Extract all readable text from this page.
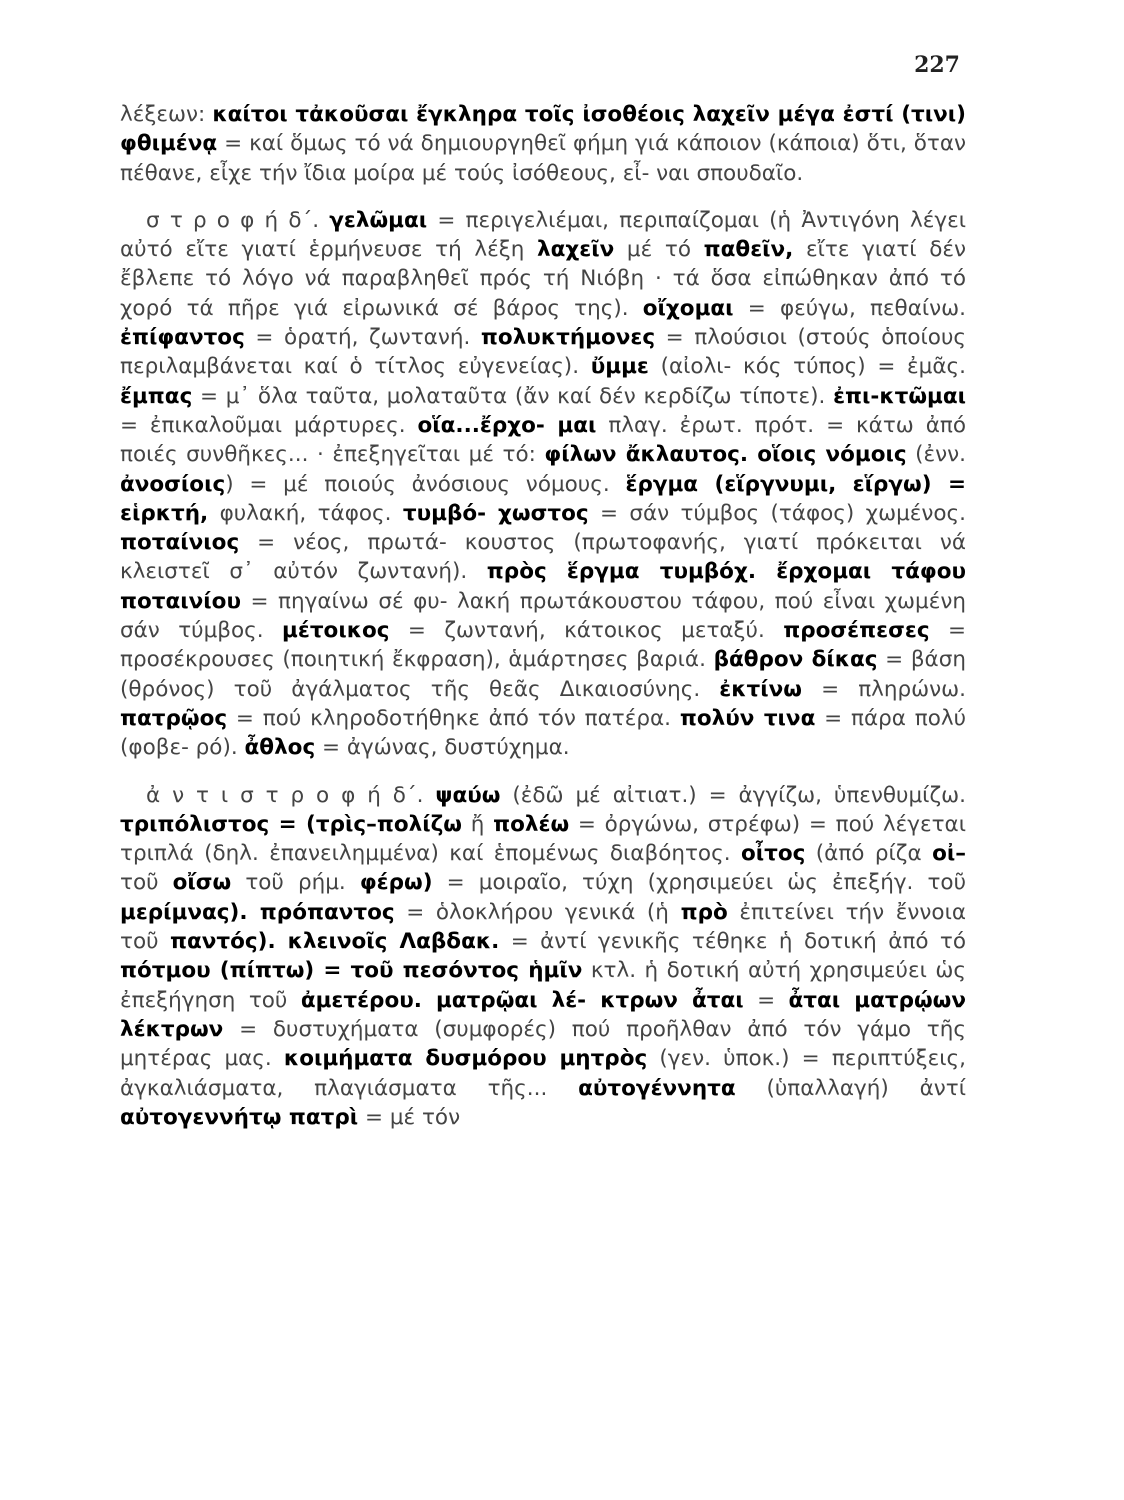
227

λέξεων: καίτοι τἀκοῦσαι ἔγκληρα τοῖς ἰσοθέοις λαχεῖν μέγα ἐστί (τινι) φθιμένᾳ = καί ὅμως τό νά δημιουργηθεῖ φήμη γιά κάποιον (κάποια) ὅτι, ὅταν πέθανε, εἶχε τήν ἴδια μοίρα μέ τούς ἰσόθεους, εἶ- ναι σπουδαῖο.

σ τ ρ ο φ ή δ΄. γελῶμαι = περιγελιέμαι, περιπαίζομαι (ἡ Ἀντιγόνη λέγει αὐτό εἴτε γιατί ἑρμήνευσε τή λέξη λαχεῖν μέ τό παθεῖν, εἴτε γιατί δέν ἔβλεπε τό λόγο νά παραβληθεῖ πρός τή Νιόβη · τά ὅσα εἰπώθηκαν ἀπό τό χορό τά πῆρε γιά εἰρωνικά σέ βάρος της). οἴχομαι = φεύγω, πεθαίνω. ἐπίφαντος = ὁρατή, ζωντανή. πολυκτήμονες = πλούσιοι (στούς ὁποίους περιλαμβάνεται καί ὁ τίτλος εὐγενείας). ὔμμε (αἰολι- κός τύπος) = ἐμᾶς. ἔμπας = μ᾽ ὅλα ταῦτα, μολαταῦτα (ἄν καί δέν κερδίζω τίποτε). ἐπι-κτῶμαι = ἐπικαλοῦμαι μάρτυρες. οἵα...ἔρχο- μαι πλαγ. ἐρωτ. πρότ. = κάτω ἀπό ποιές συνθῆκες... · ἐπεξηγεῖται μέ τό: φίλων ἄκλαυτος. οἵοις νόμοις (ἐνν. ἀνοσίοις) = μέ ποιούς ἀνόσιους νόμους. ἕργμα (εἵργνυμι, εἵργω) = εἱρκτή, φυλακή, τάφος. τυμβό- χωστος = σάν τύμβος (τάφος) χωμένος. ποταίνιος = νέος, πρωτά- κουστος (πρωτοφανής, γιατί πρόκειται νά κλειστεῖ σ᾽ αὐτόν ζωντανή). πρὸς ἕργμα τυμβόχ. ἔρχομαι τάφου ποταινίου = πηγαίνω σέ φυ- λακή πρωτάκουστου τάφου, πού εἶναι χωμένη σάν τύμβος. μέτοικος = ζωντανή, κάτοικος μεταξύ. προσέπεσες = προσέκρουσες (ποιητική ἔκφραση), ἁμάρτησες βαριά. βάθρον δίκας = βάση (θρόνος) τοῦ ἀγάλματος τῆς θεᾶς Δικαιοσύνης. ἐκτίνω = πληρώνω. πατρῷος = πού κληροδοτήθηκε ἀπό τόν πατέρα. πολύν τινα = πάρα πολύ (φοβε- ρό). ἆθλος = ἀγώνας, δυστύχημα.

ἀ ν τ ι σ τ ρ ο φ ή δ΄. ψαύω (ἐδῶ μέ αἰτιατ.) = ἀγγίζω, ὑπενθυμίζω. τριπόλιστος = (τρὶς–πολίζω ἤ πολέω = ὀργώνω, στρέφω) = πού λέγεται τριπλά (δηλ. ἐπανειλημμένα) καί ἑπομένως διαβόητος. οἶτος (ἀπό ρίζα οἰ– τοῦ οἴσω τοῦ ρήμ. φέρω) = μοιραῖο, τύχη (χρησιμεύει ὡς ἐπεξήγ. τοῦ μερίμνας). πρόπαντος = ὁλοκλήρου γενικά (ἡ πρὸ ἐπιτείνει τήν ἔννοια τοῦ παντός). κλεινοῖς Λαβδακ. = ἀντί γενικῆς τέθηκε ἡ δοτική ἀπό τό πότμου (πίπτω) = τοῦ πεσόντος ἡμῖν κτλ. ἡ δοτική αὐτή χρησιμεύει ὡς ἐπεξήγηση τοῦ ἀμετέρου. ματρῷαι λέ- κτρων ἆται = ἆται ματρῴων λέκτρων = δυστυχήματα (συμφορές) πού προῆλθαν ἀπό τόν γάμο τῆς μητέρας μας. κοιμήματα δυσμόρου μητρὸς (γεν. ὑποκ.) = περιπτύξεις, ἀγκαλιάσματα, πλαγιάσματα τῆς... αὐτογέννητα (ὑπαλλαγή) ἀντί αὐτογεννήτῳ πατρὶ = μέ τόν
